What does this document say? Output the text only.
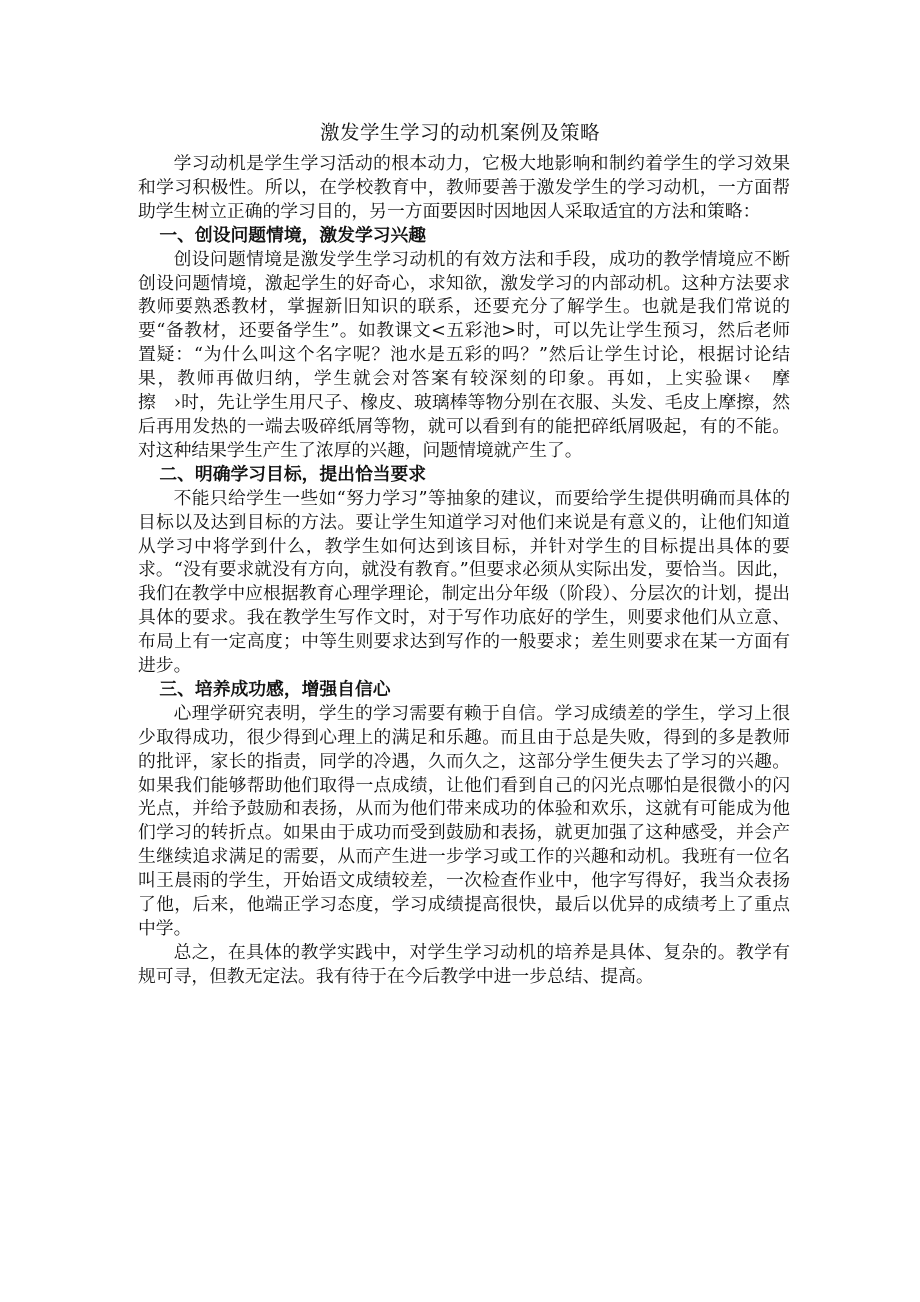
激发学生学习的动机案例及策略

学习动机是学生学习活动的根本动力，它极大地影响和制约着学生的学习效果和学习积极性。所以，在学校教育中，教师要善于激发学生的学习动机，一方面帮助学生树立正确的学习目的，另一方面要因时因地因人采取适宜的方法和策略：

一、创设问题情境，激发学习兴趣

创设问题情境是激发学生学习动机的有效方法和手段，成功的教学情境应不断创设问题情境，激起学生的好奇心，求知欲，激发学习的内部动机。这种方法要求教师要熟悉教材，掌握新旧知识的联系，还要充分了解学生。也就是我们常说的要“备教材，还要备学生”。如教课文<五彩池>时，可以先让学生预习，然后老师置疑：“为什么叫这个名字呢？池水是五彩的吗？”然后让学生讨论，根据讨论结果，教师再做归纳，学生就会对答案有较深刻的印象。再如，上实验课‹　摩擦　›时，先让学生用尺子、橡皮、玻璃棒等物分别在衣服、头发、毛皮上摩擦，然后再用发热的一端去吸碎纸屑等物，就可以看到有的能把碎纸屑吸起，有的不能。对这种结果学生产生了浓厚的兴趣，问题情境就产生了。

二、明确学习目标，提出恰当要求

不能只给学生一些如“努力学习”等抽象的建议，而要给学生提供明确而具体的目标以及达到目标的方法。要让学生知道学习对他们来说是有意义的，让他们知道从学习中将学到什么，教学生如何达到该目标，并针对学生的目标提出具体的要求。“没有要求就没有方向，就没有教育。”但要求必须从实际出发，要恰当。因此，我们在教学中应根据教育心理学理论，制定出分年级（阶段）、分层次的计划，提出具体的要求。我在教学生写作文时，对于写作功底好的学生，则要求他们从立意、布局上有一定高度；中等生则要求达到写作的一般要求；差生则要求在某一方面有进步。

三、培养成功感，增强自信心

心理学研究表明，学生的学习需要有赖于自信。学习成绩差的学生，学习上很少取得成功，很少得到心理上的满足和乐趣。而且由于总是失败，得到的多是教师的批评，家长的指责，同学的冷遇，久而久之，这部分学生便失去了学习的兴趣。如果我们能够帮助他们取得一点成绩，让他们看到自己的闪光点哪怕是很微小的闪光点，并给予鼓励和表扬，从而为他们带来成功的体验和欢乐，这就有可能成为他们学习的转折点。如果由于成功而受到鼓励和表扬，就更加强了这种感受，并会产生继续追求满足的需要，从而产生进一步学习或工作的兴趣和动机。我班有一位名叫王晨雨的学生，开始语文成绩较差，一次检查作业中，他字写得好，我当众表扬了他，后来，他端正学习态度，学习成绩提高很快，最后以优异的成绩考上了重点中学。

总之，在具体的教学实践中，对学生学习动机的培养是具体、复杂的。教学有规可寻，但教无定法。我有待于在今后教学中进一步总结、提高。
